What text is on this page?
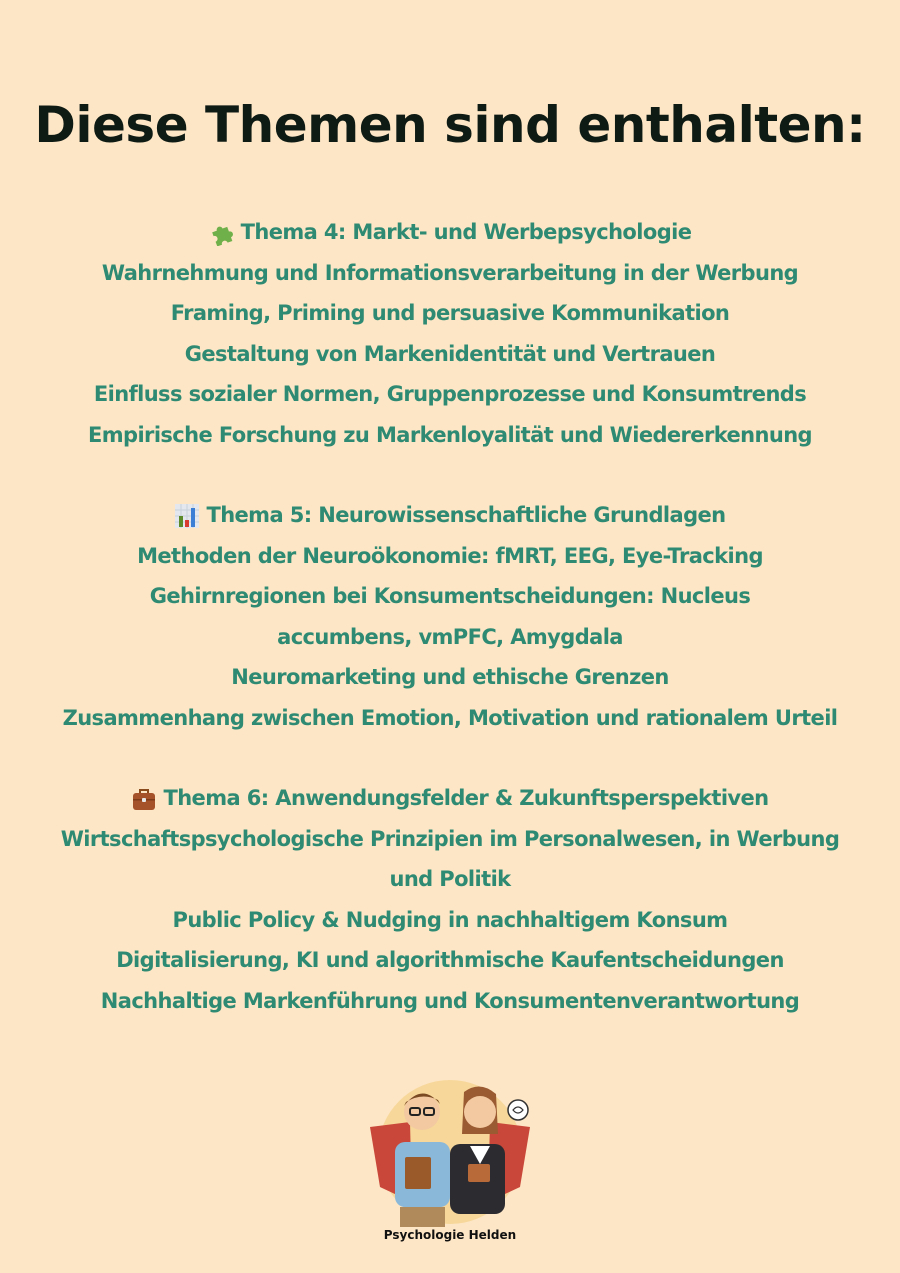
Diese Themen sind enthalten:
Thema 4: Markt- und Werbepsychologie

Wahrnehmung und Informationsverarbeitung in der Werbung

Framing, Priming und persuasive Kommunikation

Gestaltung von Markenidentität und Vertrauen

Einfluss sozialer Normen, Gruppenprozesse und Konsumtrends

Empirische Forschung zu Markenloyalität und Wiedererkennung

Thema 5: Neurowissenschaftliche Grundlagen

Methoden der Neuroökonomie: fMRT, EEG, Eye-Tracking

Gehirnregionen bei Konsumentscheidungen: Nucleus accumbens, vmPFC, Amygdala

Neuromarketing und ethische Grenzen

Zusammenhang zwischen Emotion, Motivation und rationalem Urteil

Thema 6: Anwendungsfelder & Zukunftsperspektiven

Wirtschaftspsychologische Prinzipien im Personalwesen, in Werbung und Politik

Public Policy & Nudging in nachhaltigem Konsum

Digitalisierung, KI und algorithmische Kaufentscheidungen

Nachhaltige Markenführung und Konsumentenverantwortung

Psychologie Helden
